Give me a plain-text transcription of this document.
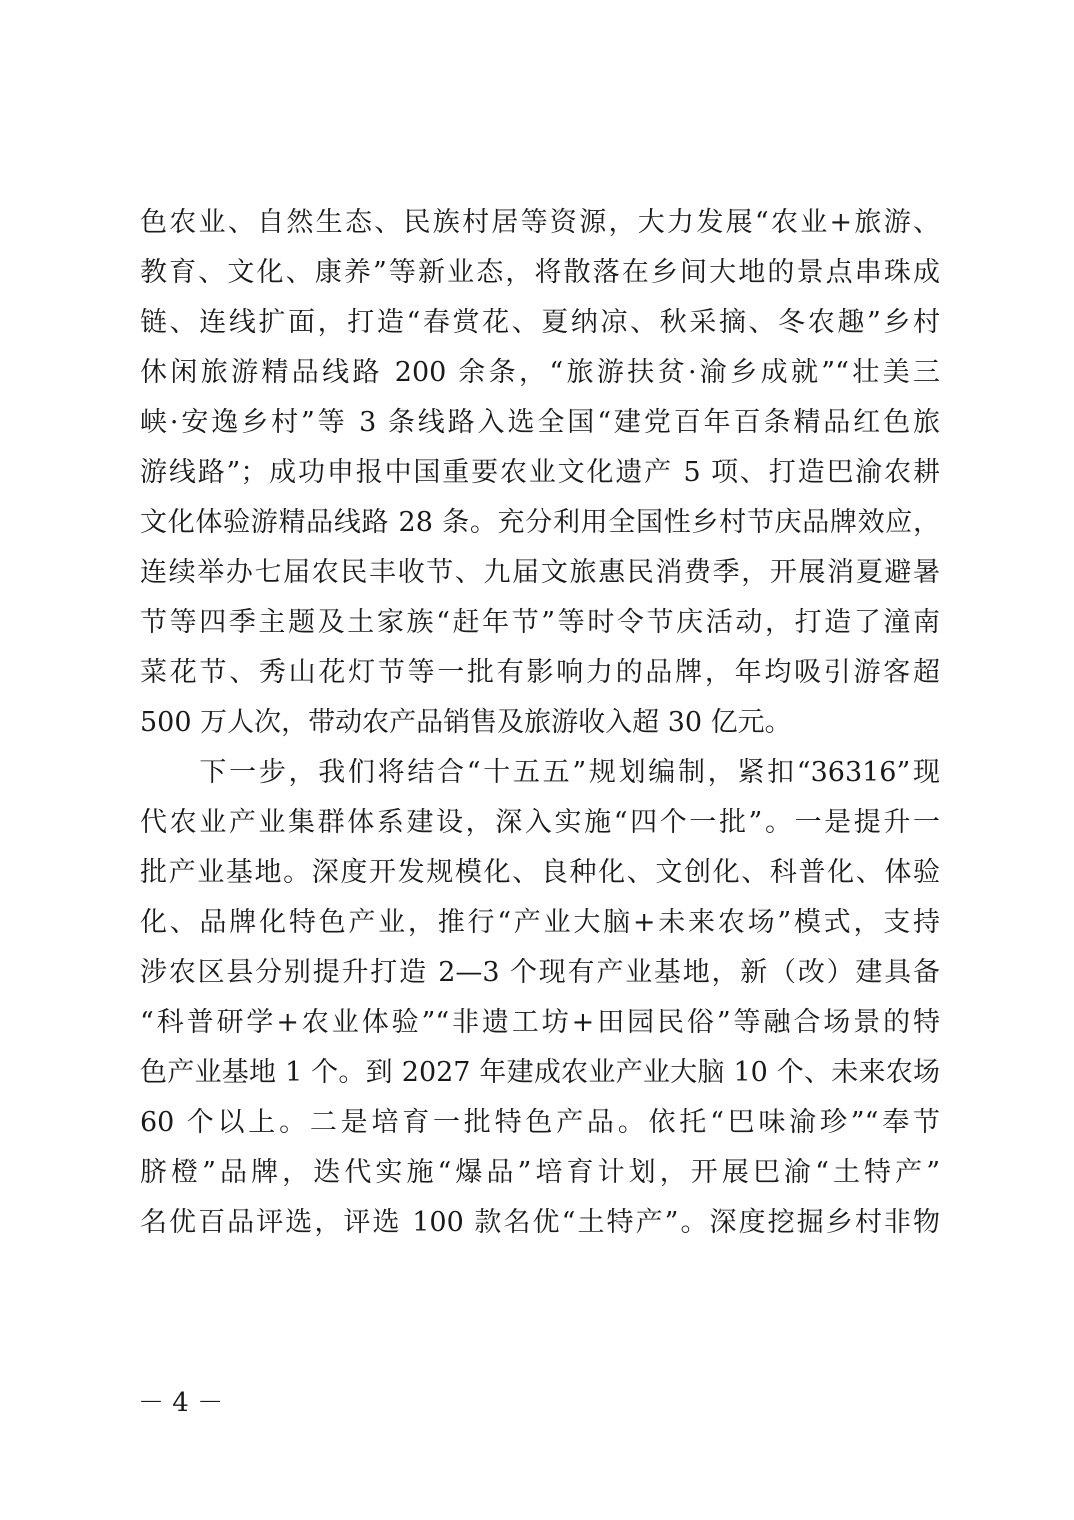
色农业、自然生态、民族村居等资源，大力发展“农业+旅游、
教育、文化、康养”等新业态，将散落在乡间大地的景点串珠成
链、连线扩面，打造“春赏花、夏纳凉、秋采摘、冬农趣”乡村
休闲旅游精品线路 200 余条，“旅游扶贫·渝乡成就”“壮美三
峡·安逸乡村”等 3 条线路入选全国“建党百年百条精品红色旅
游线路”；成功申报中国重要农业文化遗产 5 项、打造巴渝农耕
文化体验游精品线路 28 条。充分利用全国性乡村节庆品牌效应，
连续举办七届农民丰收节、九届文旅惠民消费季，开展消夏避暑
节等四季主题及土家族“赶年节”等时令节庆活动，打造了潼南
菜花节、秀山花灯节等一批有影响力的品牌，年均吸引游客超
500 万人次，带动农产品销售及旅游收入超 30 亿元。
　　下一步，我们将结合“十五五”规划编制，紧扣“36316”现
代农业产业集群体系建设，深入实施“四个一批”。一是提升一
批产业基地。深度开发规模化、良种化、文创化、科普化、体验
化、品牌化特色产业，推行“产业大脑+未来农场”模式，支持
涉农区县分别提升打造 2—3 个现有产业基地，新（改）建具备
“科普研学+农业体验”“非遗工坊+田园民俗”等融合场景的特
色产业基地 1 个。到 2027 年建成农业产业大脑 10 个、未来农场
60 个以上。二是培育一批特色产品。依托“巴味渝珍”“奉节
脐橙”品牌，迭代实施“爆品”培育计划，开展巴渝“土特产”
名优百品评选，评选 100 款名优“土特产”。深度挖掘乡村非物
－ 4 －
